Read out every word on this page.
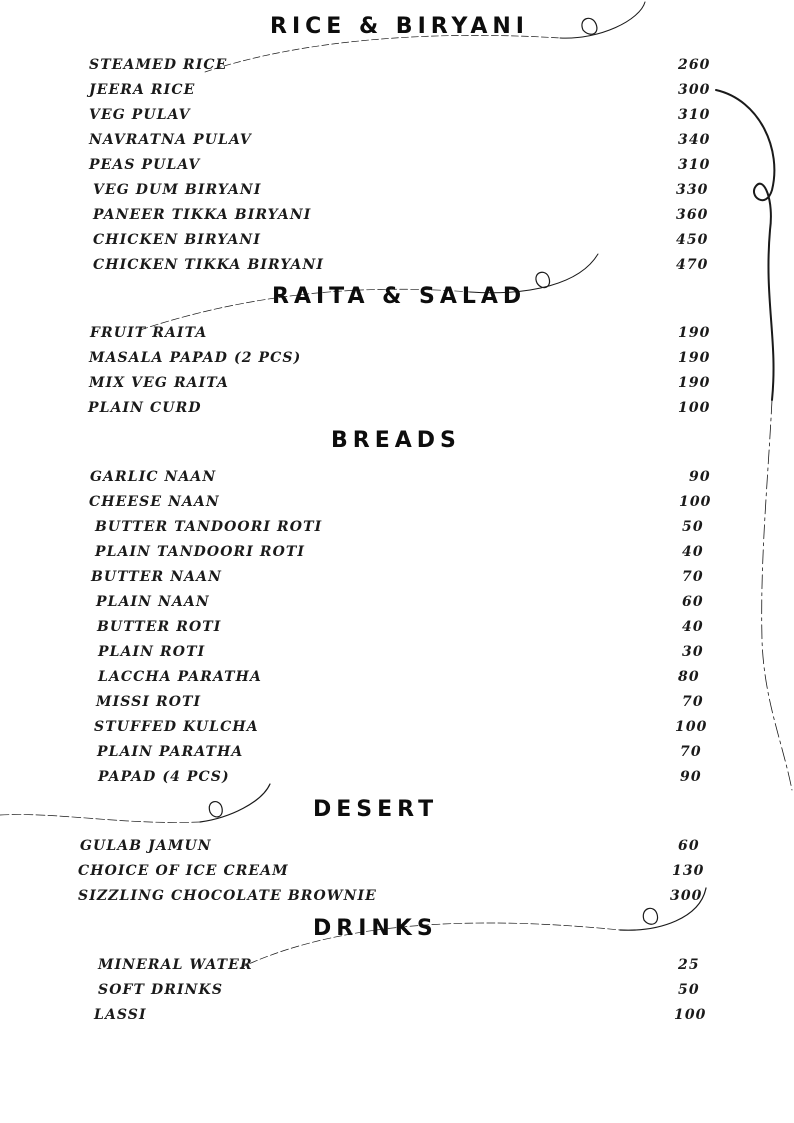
RICE & BIRYANI
STEAMED RICE	260
JEERA RICE	300
VEG PULAV	310
NAVRATNA PULAV	340
PEAS PULAV	310
VEG DUM BIRYANI	330
PANEER TIKKA BIRYANI	360
CHICKEN BIRYANI	450
CHICKEN TIKKA BIRYANI	470
RAITA & SALAD
FRUIT RAITA	190
MASALA PAPAD (2 PCS)	190
MIX VEG RAITA	190
PLAIN CURD	100
BREADS
GARLIC NAAN	90
CHEESE NAAN	100
BUTTER TANDOORI ROTI	50
PLAIN TANDOORI ROTI	40
BUTTER NAAN	70
PLAIN NAAN	60
BUTTER ROTI	40
PLAIN ROTI	30
LACCHA PARATHA	80
MISSI ROTI	70
STUFFED KULCHA	100
PLAIN PARATHA	70
PAPAD (4 PCS)	90
DESERT
GULAB JAMUN	60
CHOICE OF ICE CREAM	130
SIZZLING CHOCOLATE BROWNIE	300
DRINKS
MINERAL WATER	25
SOFT DRINKS	50
LASSI	100
